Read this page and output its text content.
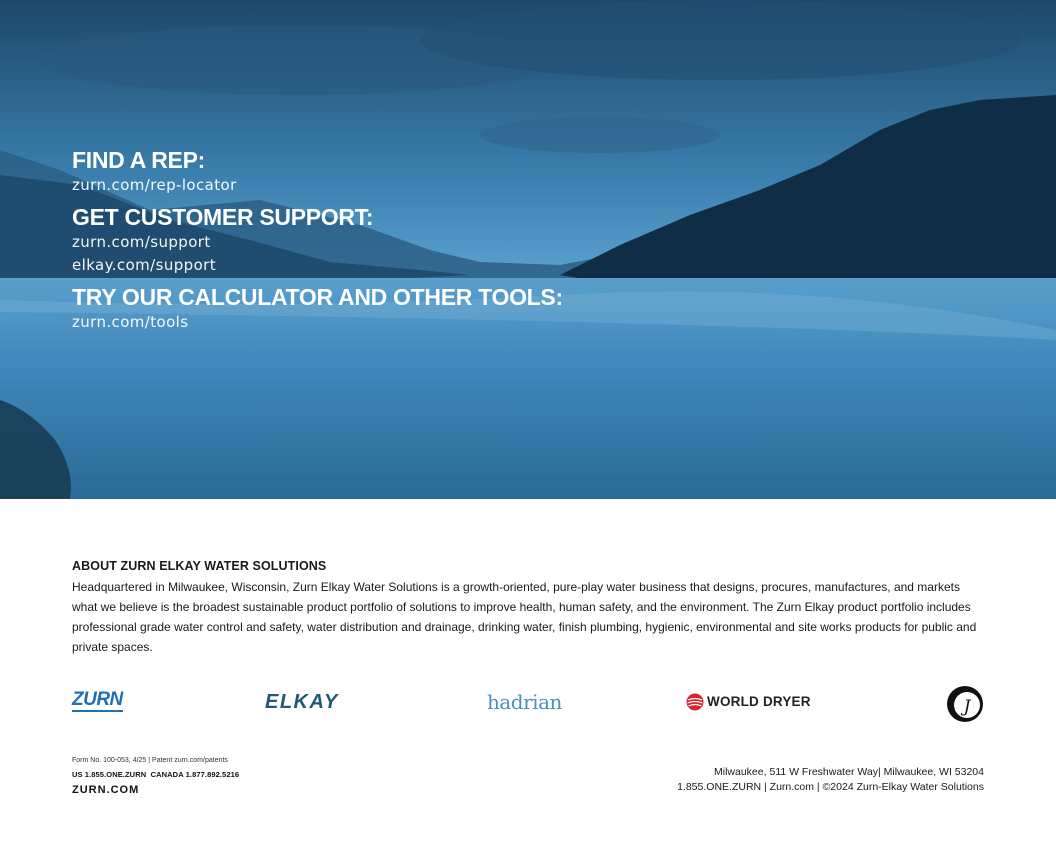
FIND A REP:
zurn.com/rep-locator
GET CUSTOMER SUPPORT:
zurn.com/support
elkay.com/support
TRY OUR CALCULATOR AND OTHER TOOLS:
zurn.com/tools
ABOUT ZURN ELKAY WATER SOLUTIONS
Headquartered in Milwaukee, Wisconsin, Zurn Elkay Water Solutions is a growth-oriented, pure-play water business that designs, procures, manufactures, and markets what we believe is the broadest sustainable product portfolio of solutions to improve health, human safety, and the environment. The Zurn Elkay product portfolio includes professional grade water control and safety, water distribution and drainage, drinking water, finish plumbing, hygienic, environmental and site works products for public and private spaces.
ZURN	ELKAY	hadrian	WORLD DRYER	J
Form No. 100-053, 4/25 | Patent zurn.com/patents
US 1.855.ONE.ZURN CANADA 1.877.892.5216
ZURN.COM
Milwaukee, 511 W Freshwater Way| Milwaukee, WI 53204
1.855.ONE.ZURN | Zurn.com | ©2024 Zurn-Elkay Water Solutions
